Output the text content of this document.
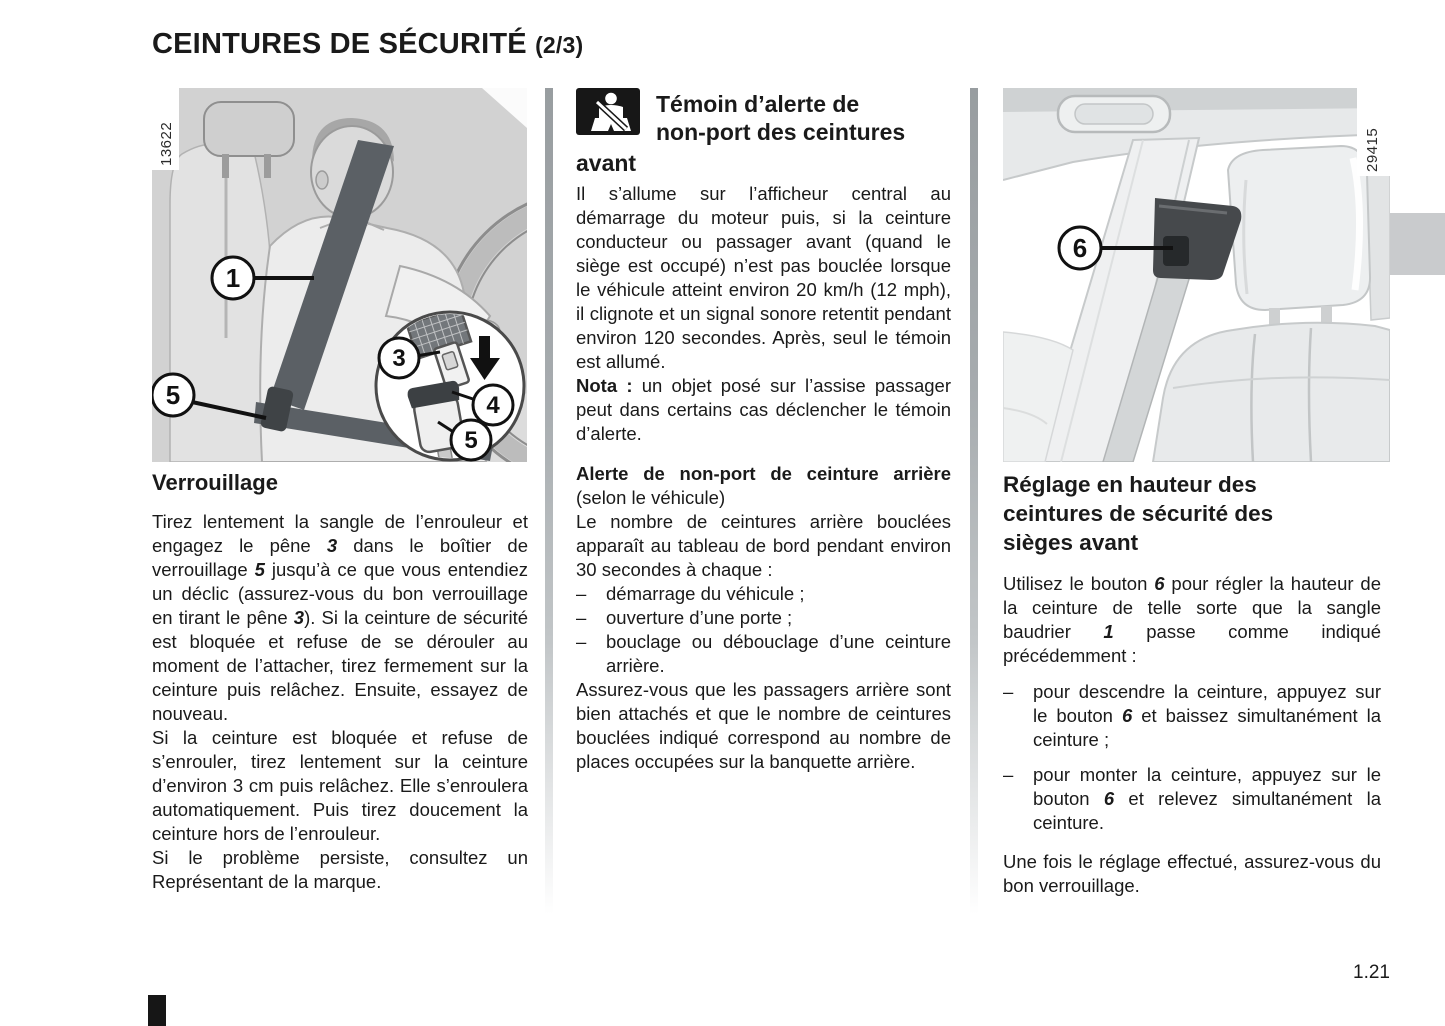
CEINTURES DE SÉCURITÉ (2/3)
1
5
3
4
5
13622
6
29415
Verrouillage

Tirez lentement la sangle de l’enrouleur et engagez le pêne 3 dans le boîtier de verrouillage 5 jusqu’à ce que vous entendiez un déclic (assurez-vous du bon verrouillage en tirant le pêne 3). Si la ceinture de sécurité est bloquée et refuse de se dérouler au moment de l’attacher, tirez fermement sur la ceinture puis relâchez. Ensuite, essayez de nouveau.

Si la ceinture est bloquée et refuse de s’enrouler, tirez lentement sur la ceinture d’environ 3 cm puis relâchez. Elle s’enroulera automatiquement. Puis tirez doucement la ceinture hors de l’enrouleur.

Si le problème persiste, consultez un Représentant de la marque.

Témoin d’alerte de
non-port des ceintures
avant

Il s’allume sur l’afficheur central au démarrage du moteur puis, si la ceinture conducteur ou passager avant (quand le siège est occupé) n’est pas bouclée lorsque le véhicule atteint environ 20 km/h (12 mph), il clignote et un signal sonore retentit pendant environ 120 secondes. Après, seul le témoin est allumé.

Nota : un objet posé sur l’assise passager peut dans certains cas déclencher le témoin d’alerte.

Alerte de non-port de ceinture arrière (selon le véhicule)

Le nombre de ceintures arrière bouclées apparaît au tableau de bord pendant environ 30 secondes à chaque :

–	démarrage du véhicule ;
–	ouverture d’une porte ;
–	bouclage ou débouclage d’une ceinture arrière.

Assurez-vous que les passagers arrière sont bien attachés et que le nombre de ceintures bouclées indiqué correspond au nombre de places occupées sur la banquette arrière.

Réglage en hauteur des
ceintures de sécurité des
sièges avant

Utilisez le bouton 6 pour régler la hauteur de la ceinture de telle sorte que la sangle baudrier 1 passe comme indiqué précédemment :

–	pour descendre la ceinture, appuyez sur le bouton 6 et baissez simultanément la ceinture ;
–	pour monter la ceinture, appuyez sur le bouton 6 et relevez simultanément la ceinture.

Une fois le réglage effectué, assurez-vous du bon verrouillage.

1.21
